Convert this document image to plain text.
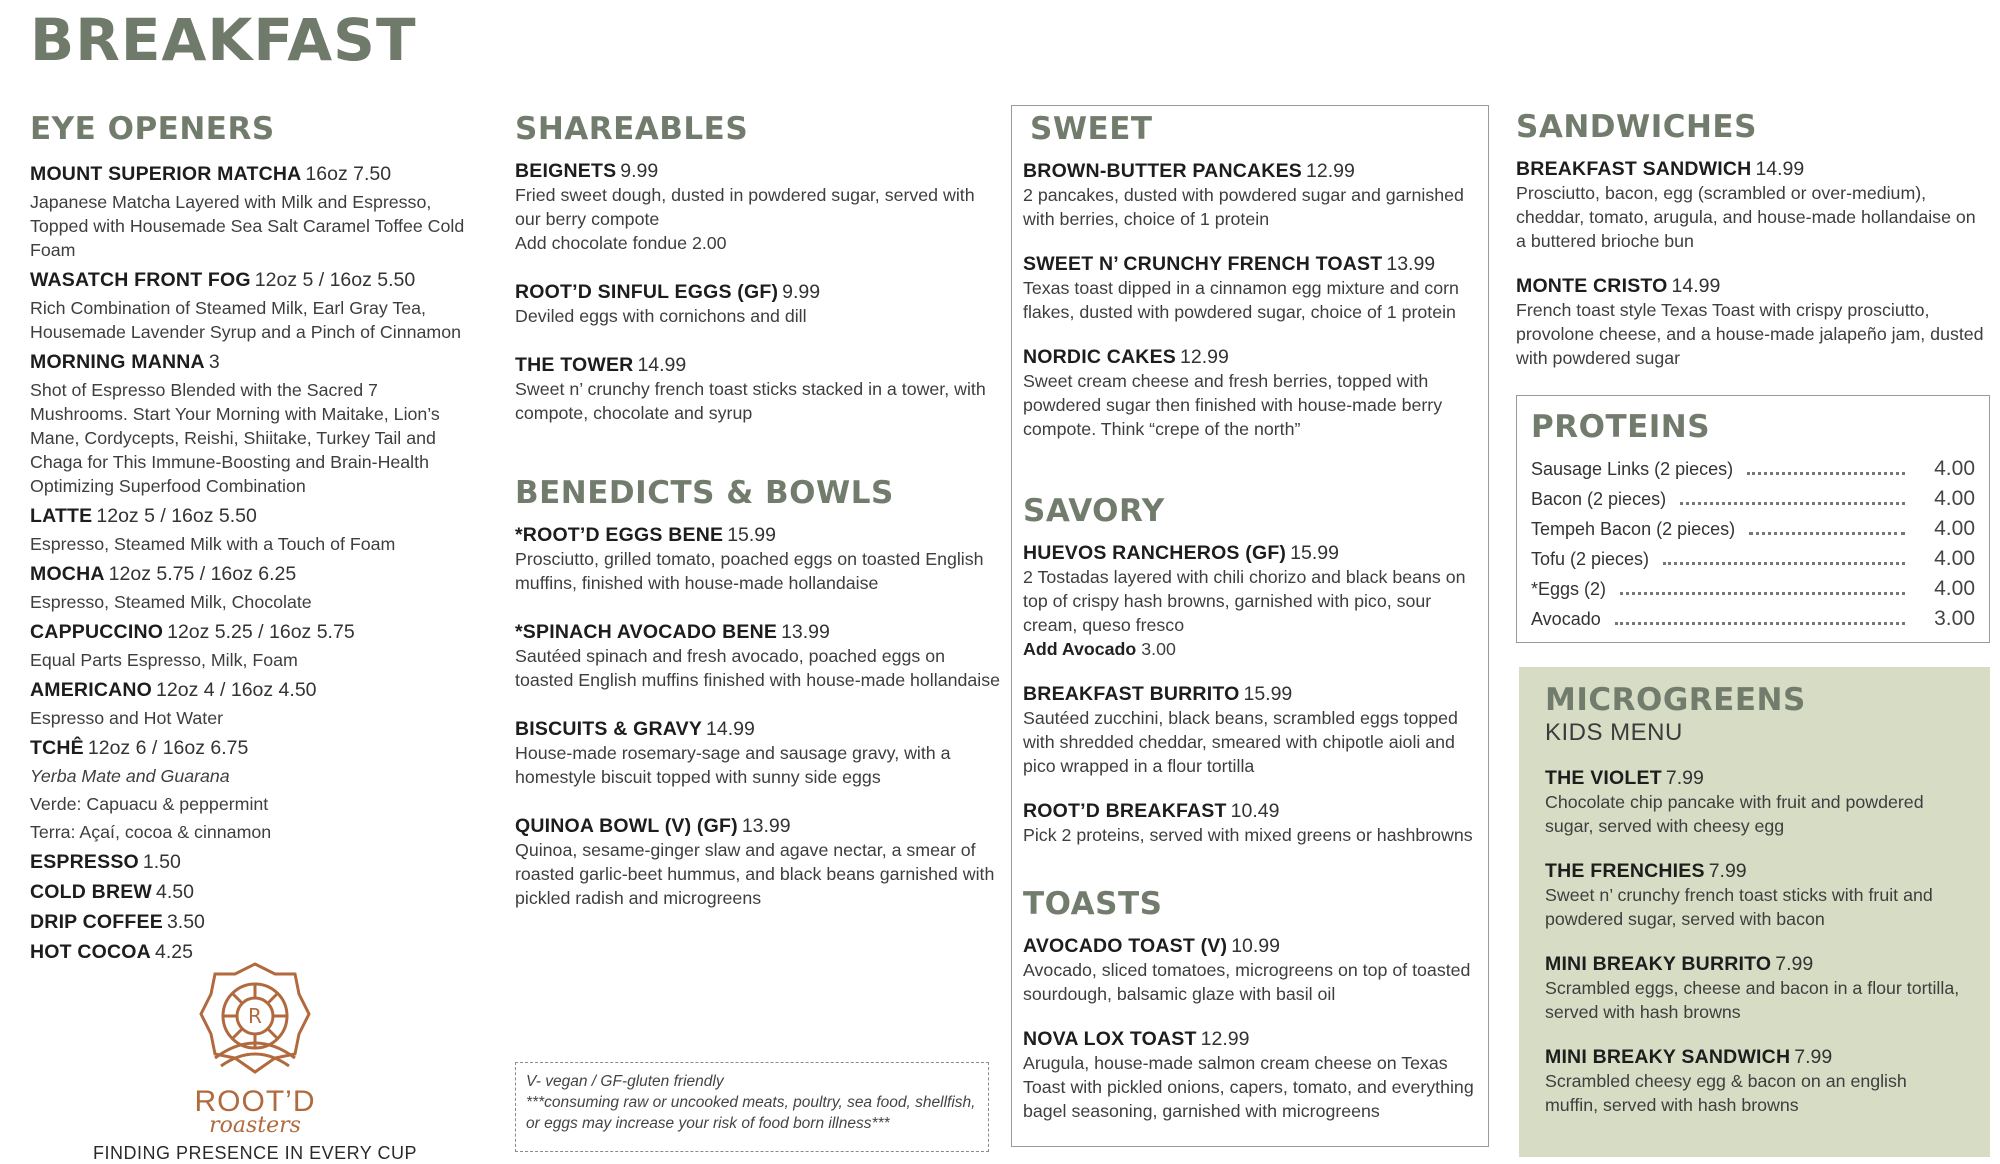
BREAKFAST
EYE OPENERS
MOUNT SUPERIOR MATCHA 16oz 7.50
Japanese Matcha Layered with Milk and Espresso, Topped with Housemade Sea Salt Caramel Toffee Cold Foam
WASATCH FRONT FOG 12oz 5 / 16oz 5.50
Rich Combination of Steamed Milk, Earl Gray Tea, Housemade Lavender Syrup and a Pinch of Cinnamon
MORNING MANNA 3
Shot of Espresso Blended with the Sacred 7 Mushrooms. Start Your Morning with Maitake, Lion’s Mane, Cordycepts, Reishi, Shiitake, Turkey Tail and Chaga for This Immune-Boosting and Brain-Health Optimizing Superfood Combination
LATTE 12oz 5 / 16oz 5.50
Espresso, Steamed Milk with a Touch of Foam
MOCHA 12oz 5.75 / 16oz 6.25
Espresso, Steamed Milk, Chocolate
CAPPUCCINO 12oz 5.25 / 16oz 5.75
Equal Parts Espresso, Milk, Foam
AMERICANO 12oz 4 / 16oz 4.50
Espresso and Hot Water
TCHÊ 12oz 6 / 16oz 6.75
Yerba Mate and Guarana
Verde: Capuacu & peppermint
Terra: Açaí, cocoa & cinnamon
ESPRESSO 1.50
COLD BREW 4.50
DRIP COFFEE 3.50
HOT COCOA 4.25
R
ROOT’D
roasters
FINDING PRESENCE IN EVERY CUP
SHAREABLES
BEIGNETS 9.99
Fried sweet dough, dusted in powdered sugar, served with our berry compote
Add chocolate fondue 2.00
ROOT’D SINFUL EGGS (GF) 9.99
Deviled eggs with cornichons and dill
THE TOWER 14.99
Sweet n’ crunchy french toast sticks stacked in a tower, with compote, chocolate and syrup
BENEDICTS & BOWLS
*ROOT’D EGGS BENE 15.99
Prosciutto, grilled tomato, poached eggs on toasted English muffins, finished with house-made hollandaise
*SPINACH AVOCADO BENE 13.99
Sautéed spinach and fresh avocado, poached eggs on toasted English muffins finished with house-made hollandaise
BISCUITS & GRAVY 14.99
House-made rosemary-sage and sausage gravy, with a homestyle biscuit topped with sunny side eggs
QUINOA BOWL (V) (GF) 13.99
Quinoa, sesame-ginger slaw and agave nectar, a smear of roasted garlic-beet hummus, and black beans garnished with pickled radish and microgreens
V- vegan / GF-gluten friendly
***consuming raw or uncooked meats, poultry, sea food, shellfish, or eggs may increase your risk of food born illness***
SWEET
BROWN-BUTTER PANCAKES 12.99
2 pancakes, dusted with powdered sugar and garnished with berries, choice of 1 protein
SWEET N’ CRUNCHY FRENCH TOAST 13.99
Texas toast dipped in a cinnamon egg mixture and corn flakes, dusted with powdered sugar, choice of 1 protein
NORDIC CAKES 12.99
Sweet cream cheese and fresh berries, topped with powdered sugar then finished with house-made berry compote. Think “crepe of the north”
SAVORY
HUEVOS RANCHEROS (GF) 15.99
2 Tostadas layered with chili chorizo and black beans on top of crispy hash browns, garnished with pico, sour cream, queso fresco
Add Avocado 3.00
BREAKFAST BURRITO 15.99
Sautéed zucchini, black beans, scrambled eggs topped with shredded cheddar, smeared with chipotle aioli and pico wrapped in a flour tortilla
ROOT’D BREAKFAST 10.49
Pick 2 proteins, served with mixed greens or hashbrowns
TOASTS
AVOCADO TOAST (V) 10.99
Avocado, sliced tomatoes, microgreens on top of toasted sourdough, balsamic glaze with basil oil
NOVA LOX TOAST 12.99
Arugula, house-made salmon cream cheese on Texas Toast with pickled onions, capers, tomato, and everything bagel seasoning, garnished with microgreens
SANDWICHES
BREAKFAST SANDWICH 14.99
Prosciutto, bacon, egg (scrambled or over-medium), cheddar, tomato, arugula, and house-made hollandaise on a buttered brioche bun
MONTE CRISTO 14.99
French toast style Texas Toast with crispy prosciutto, provolone cheese, and a house-made jalapeño jam, dusted with powdered sugar
PROTEINS
Sausage Links (2 pieces)	4.00
Bacon (2 pieces)	4.00
Tempeh Bacon (2 pieces)	4.00
Tofu (2 pieces)	4.00
*Eggs (2)	4.00
Avocado	3.00
MICROGREENS
KIDS MENU
THE VIOLET 7.99
Chocolate chip pancake with fruit and powdered sugar, served with cheesy egg
THE FRENCHIES 7.99
Sweet n’ crunchy french toast sticks with fruit and powdered sugar, served with bacon
MINI BREAKY BURRITO 7.99
Scrambled eggs, cheese and bacon in a flour tortilla, served with hash browns
MINI BREAKY SANDWICH 7.99
Scrambled cheesy egg & bacon on an english muffin, served with hash browns
